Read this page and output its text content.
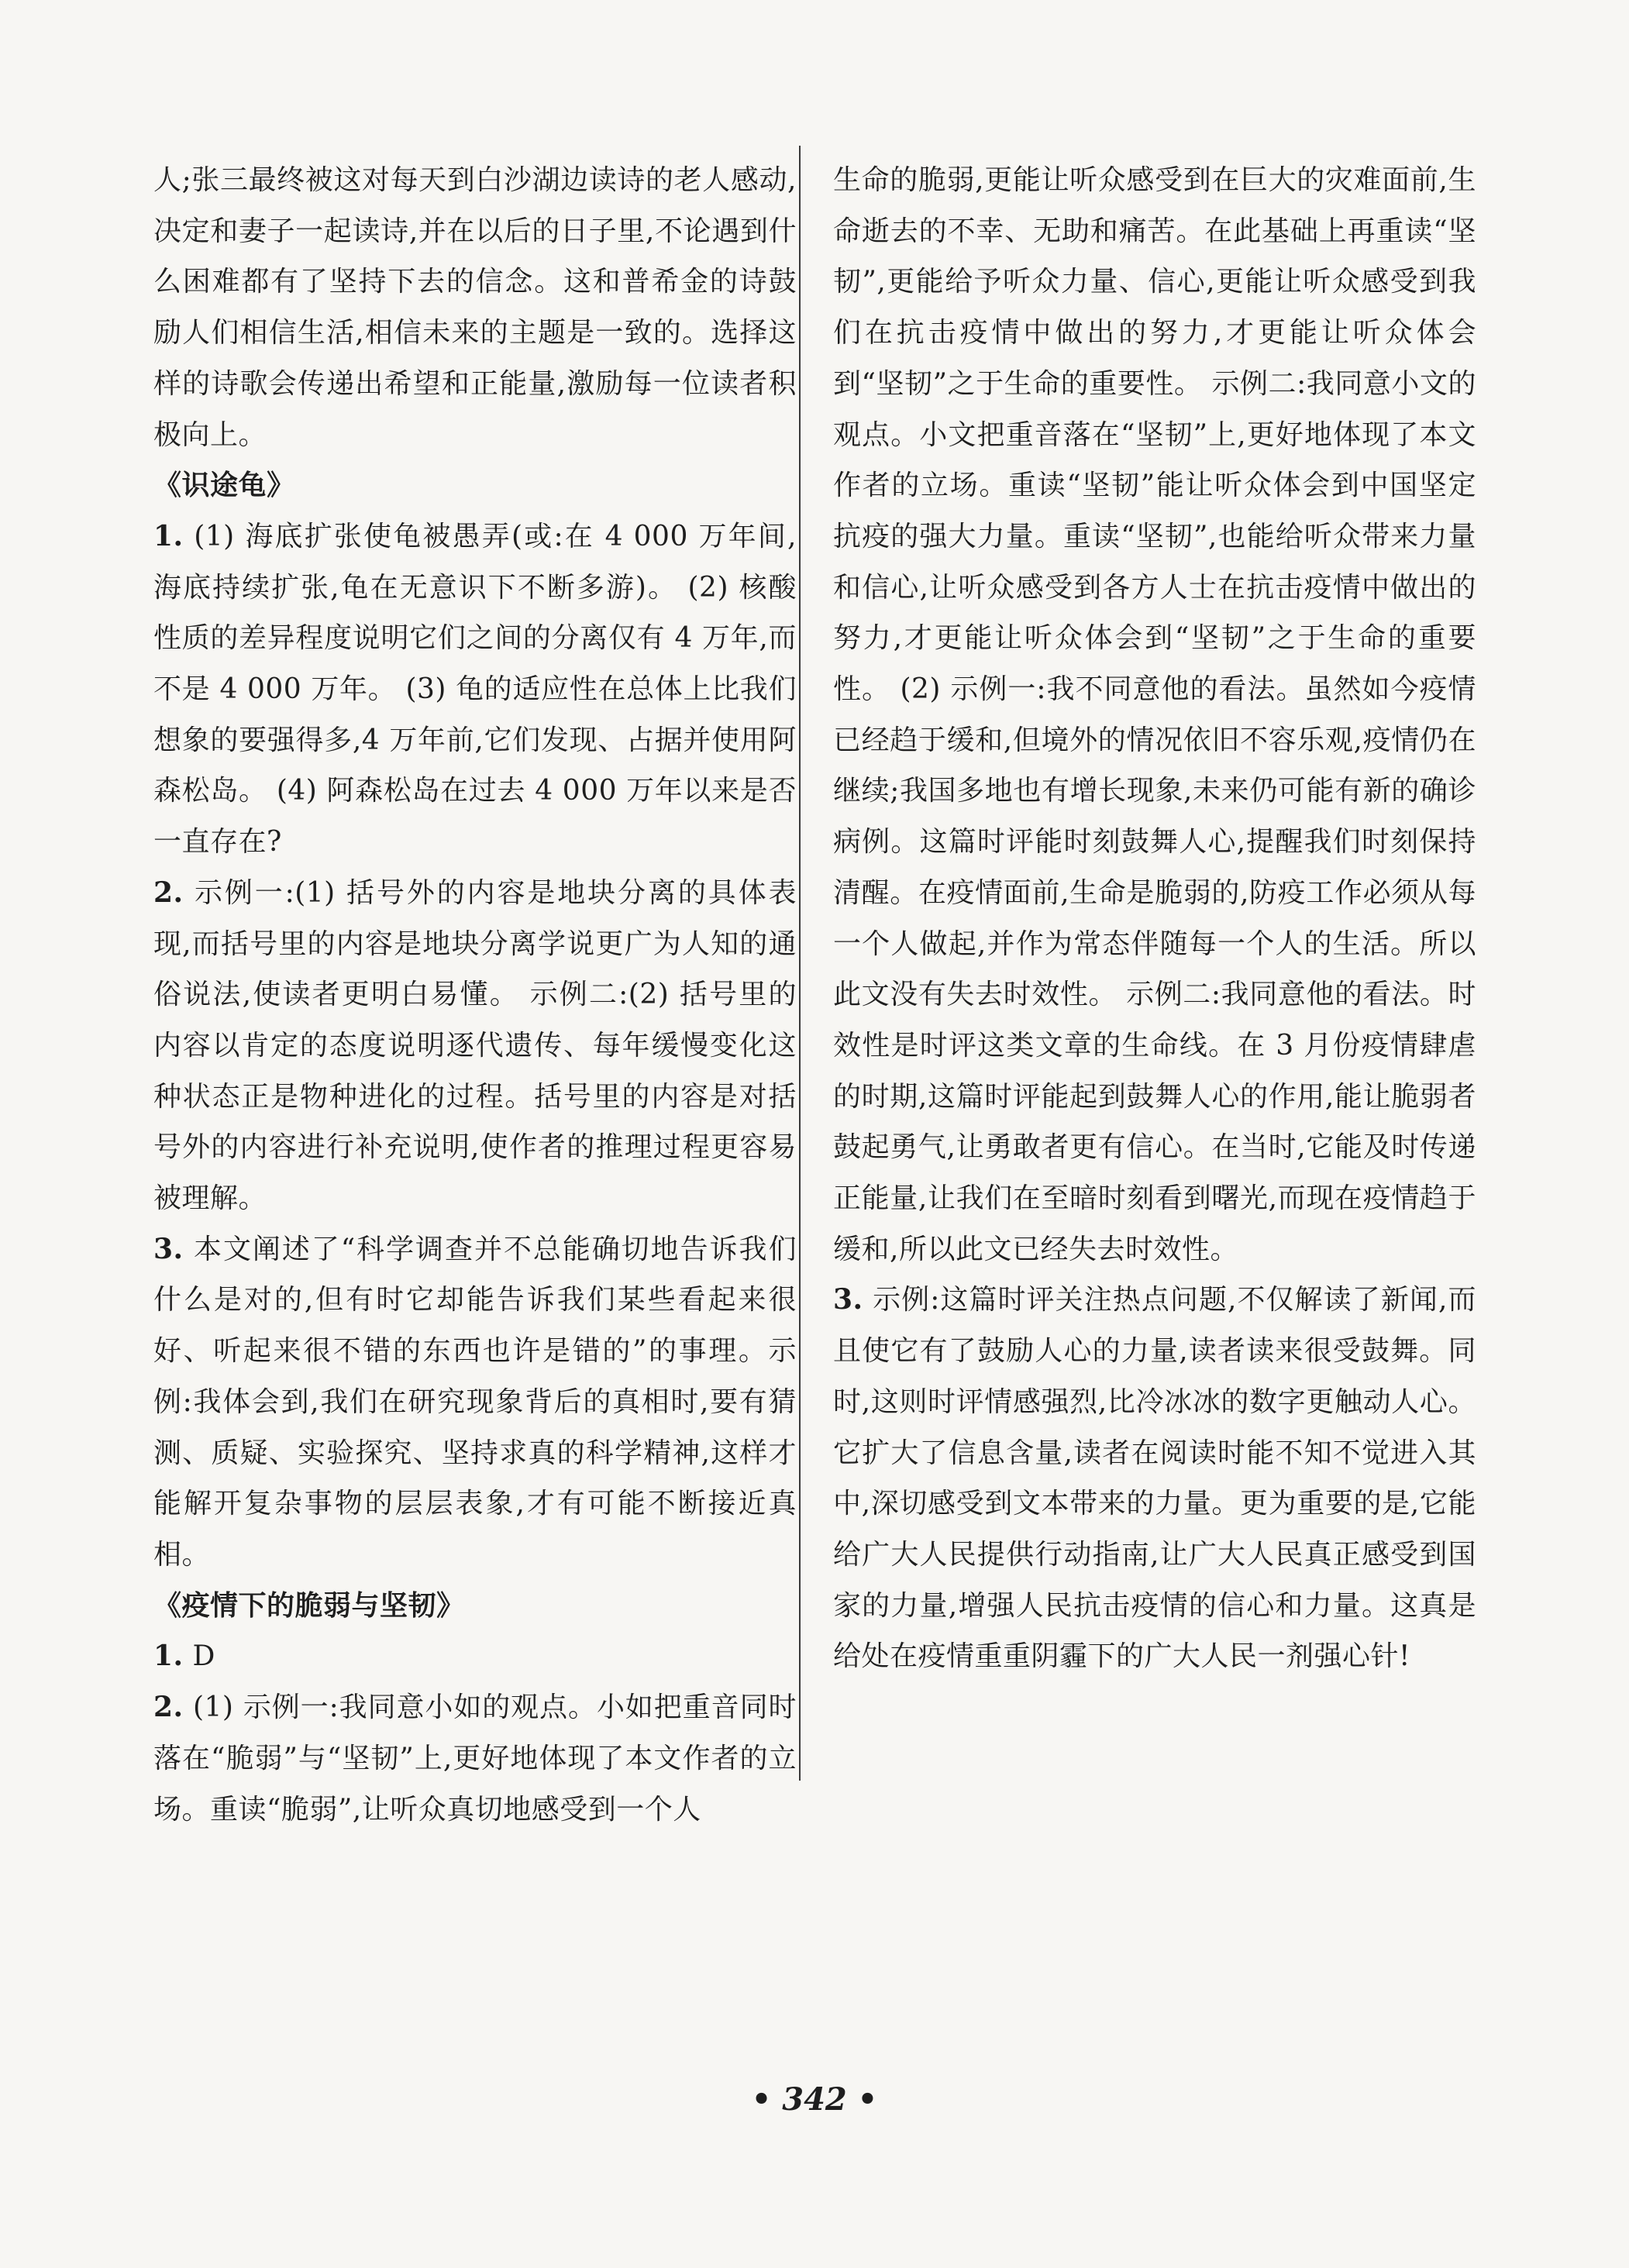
人;张三最终被这对每天到白沙湖边读诗的老人感动,决定和妻子一起读诗,并在以后的日子里,不论遇到什么困难都有了坚持下去的信念。这和普希金的诗鼓励人们相信生活,相信未来的主题是一致的。选择这样的诗歌会传递出希望和正能量,激励每一位读者积极向上。

《识途龟》

1. (1) 海底扩张使龟被愚弄(或:在 4 000 万年间,海底持续扩张,龟在无意识下不断多游)。 (2) 核酸性质的差异程度说明它们之间的分离仅有 4 万年,而不是 4 000 万年。 (3) 龟的适应性在总体上比我们想象的要强得多,4 万年前,它们发现、占据并使用阿森松岛。 (4) 阿森松岛在过去 4 000 万年以来是否一直存在?

2. 示例一:(1) 括号外的内容是地块分离的具体表现,而括号里的内容是地块分离学说更广为人知的通俗说法,使读者更明白易懂。 示例二:(2) 括号里的内容以肯定的态度说明逐代遗传、每年缓慢变化这种状态正是物种进化的过程。括号里的内容是对括号外的内容进行补充说明,使作者的推理过程更容易被理解。

3. 本文阐述了“科学调查并不总能确切地告诉我们什么是对的,但有时它却能告诉我们某些看起来很好、听起来很不错的东西也许是错的”的事理。示例:我体会到,我们在研究现象背后的真相时,要有猜测、质疑、实验探究、坚持求真的科学精神,这样才能解开复杂事物的层层表象,才有可能不断接近真相。

《疫情下的脆弱与坚韧》

1. D

2. (1) 示例一:我同意小如的观点。小如把重音同时落在“脆弱”与“坚韧”上,更好地体现了本文作者的立场。重读“脆弱”,让听众真切地感受到一个人

生命的脆弱,更能让听众感受到在巨大的灾难面前,生命逝去的不幸、无助和痛苦。在此基础上再重读“坚韧”,更能给予听众力量、信心,更能让听众感受到我们在抗击疫情中做出的努力,才更能让听众体会到“坚韧”之于生命的重要性。 示例二:我同意小文的观点。小文把重音落在“坚韧”上,更好地体现了本文作者的立场。重读“坚韧”能让听众体会到中国坚定抗疫的强大力量。重读“坚韧”,也能给听众带来力量和信心,让听众感受到各方人士在抗击疫情中做出的努力,才更能让听众体会到“坚韧”之于生命的重要性。 (2) 示例一:我不同意他的看法。虽然如今疫情已经趋于缓和,但境外的情况依旧不容乐观,疫情仍在继续;我国多地也有增长现象,未来仍可能有新的确诊病例。这篇时评能时刻鼓舞人心,提醒我们时刻保持清醒。在疫情面前,生命是脆弱的,防疫工作必须从每一个人做起,并作为常态伴随每一个人的生活。所以此文没有失去时效性。 示例二:我同意他的看法。时效性是时评这类文章的生命线。在 3 月份疫情肆虐的时期,这篇时评能起到鼓舞人心的作用,能让脆弱者鼓起勇气,让勇敢者更有信心。在当时,它能及时传递正能量,让我们在至暗时刻看到曙光,而现在疫情趋于缓和,所以此文已经失去时效性。

3. 示例:这篇时评关注热点问题,不仅解读了新闻,而且使它有了鼓励人心的力量,读者读来很受鼓舞。同时,这则时评情感强烈,比冷冰冰的数字更触动人心。它扩大了信息含量,读者在阅读时能不知不觉进入其中,深切感受到文本带来的力量。更为重要的是,它能给广大人民提供行动指南,让广大人民真正感受到国家的力量,增强人民抗击疫情的信心和力量。这真是给处在疫情重重阴霾下的广大人民一剂强心针!

• 342 •
